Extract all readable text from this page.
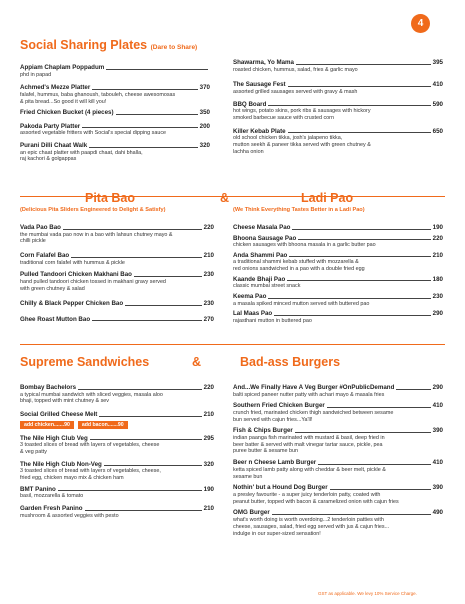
4
Social Sharing Plates (Dare to Share)
Appiam Chaplam Poppadum
phd in papad
Achmed's Mezze Platter	370
falafel, hummus, baba ghanoush, tabouleh, cheese awesomosas
& pita bread...So good it will kill you!
Fried Chicken Bucket (4 pieces)	350
Pakoda Party Platter	200
assorted vegetable fritters with Social's special dipping sauce
Purani Dilli Chaat Walk	320
an epic chaat platter with paapdi chaat, dahi bhalla,
raj kachori & golgappas
Shawarma, Yo Mama	395
roasted chicken, hummus, salad, fries & garlic mayo
The Sausage Fest	410
assorted grilled sausages served with gravy & mash
BBQ Board	590
hot wings, potato skins, pork ribs & sausages with hickory
smoked barbecue sauce with crusted corn
Killer Kebab Plate	650
old school chicken tikka, josh's jalapeno tikka,
mutton seekh & paneer tikka served with green chutney &
lachha onion
Pita Bao	&	Ladi Pao
(Delicious Pita Sliders Engineered to Delight & Satisfy)	(We Think Everything Tastes Better in a Ladi Pao)
Vada Pao Bao	220
the mumbai vada pao now in a bao with lahsun chutney mayo &
chilli pickle
Corn Falafel Bao	210
traditional corn falafel with hummus & pickle
Pulled Tandoori Chicken Makhani Bao	230
hand pulled tandoori chicken tossed in makhani gravy served
with green chutney & salad
Chilly & Black Pepper Chicken Bao	230
Ghee Roast Mutton Bao	270
Cheese Masala Pao	190
Bhoona Sausage Pao	220
chicken sausages with bhoona masala in a garlic butter pao
Anda Shammi Pao	210
a traditional shammi kebab stuffed with mozzarella &
red onions sandwiched in a pao with a double fried egg
Kaande Bhaji Pao	180
classic mumbai street snack
Keema Pao	230
a masala spiked minced mutton served with buttered pao
Lal Maas Pao	290
rajasthani mutton in buttered pao
Supreme Sandwiches	&	Bad-ass Burgers
Bombay Bachelors	220
a typical mumbai sandwich with sliced veggies, masala aloo
bhaji, topped with mint chutney & sev
Social Grilled Cheese Melt	210
add chicken.......90	add bacon.......90
The Nile High Club Veg	295
3 toasted slices of bread with layers of vegetables, cheese
& veg patty
The Nile High Club Non-Veg	320
3 toasted slices of bread with layers of vegetables, cheese,
fried egg, chicken mayo mix & chicken ham
BMT Panino	190
basil, mozzarella & tomato
Garden Fresh Panino	210
mushroom & assorted veggies with pesto
And...We Finally Have A Veg Burger #OnPublicDemand	290
balti spiced paneer nutter patty with achari mayo & masala fries
Southern Fried Chicken Burger	410
crunch fried, marinated chicken thigh sandwiched between sesame
bun served with cajun fries...Ya'll!
Fish & Chips Burger	390
indian paanga fish marinated with mustard & basil, deep fried in
beer batter & served with malt vinegar tartar sauce, pickle, pea
puree butter & sesame bun
Beer n Cheese Lamb Burger	410
ketta spiced lamb patty along with cheddar & beer melt, pickle &
sesame bun
Nothin' but a Hound Dog Burger	390
a presley favourite - a super juicy tenderloin patty, coated with
peanut butter, topped with bacon & caramelized onion with cajun fries
OMG Burger	490
what's worth doing is worth overdoing...2 tenderloin patties with
cheese, sausages, salad, fried egg served with jus & cajun fries...
indulge in our super-sized sensation!
GST as applicable. We levy 10% Service Charge.
